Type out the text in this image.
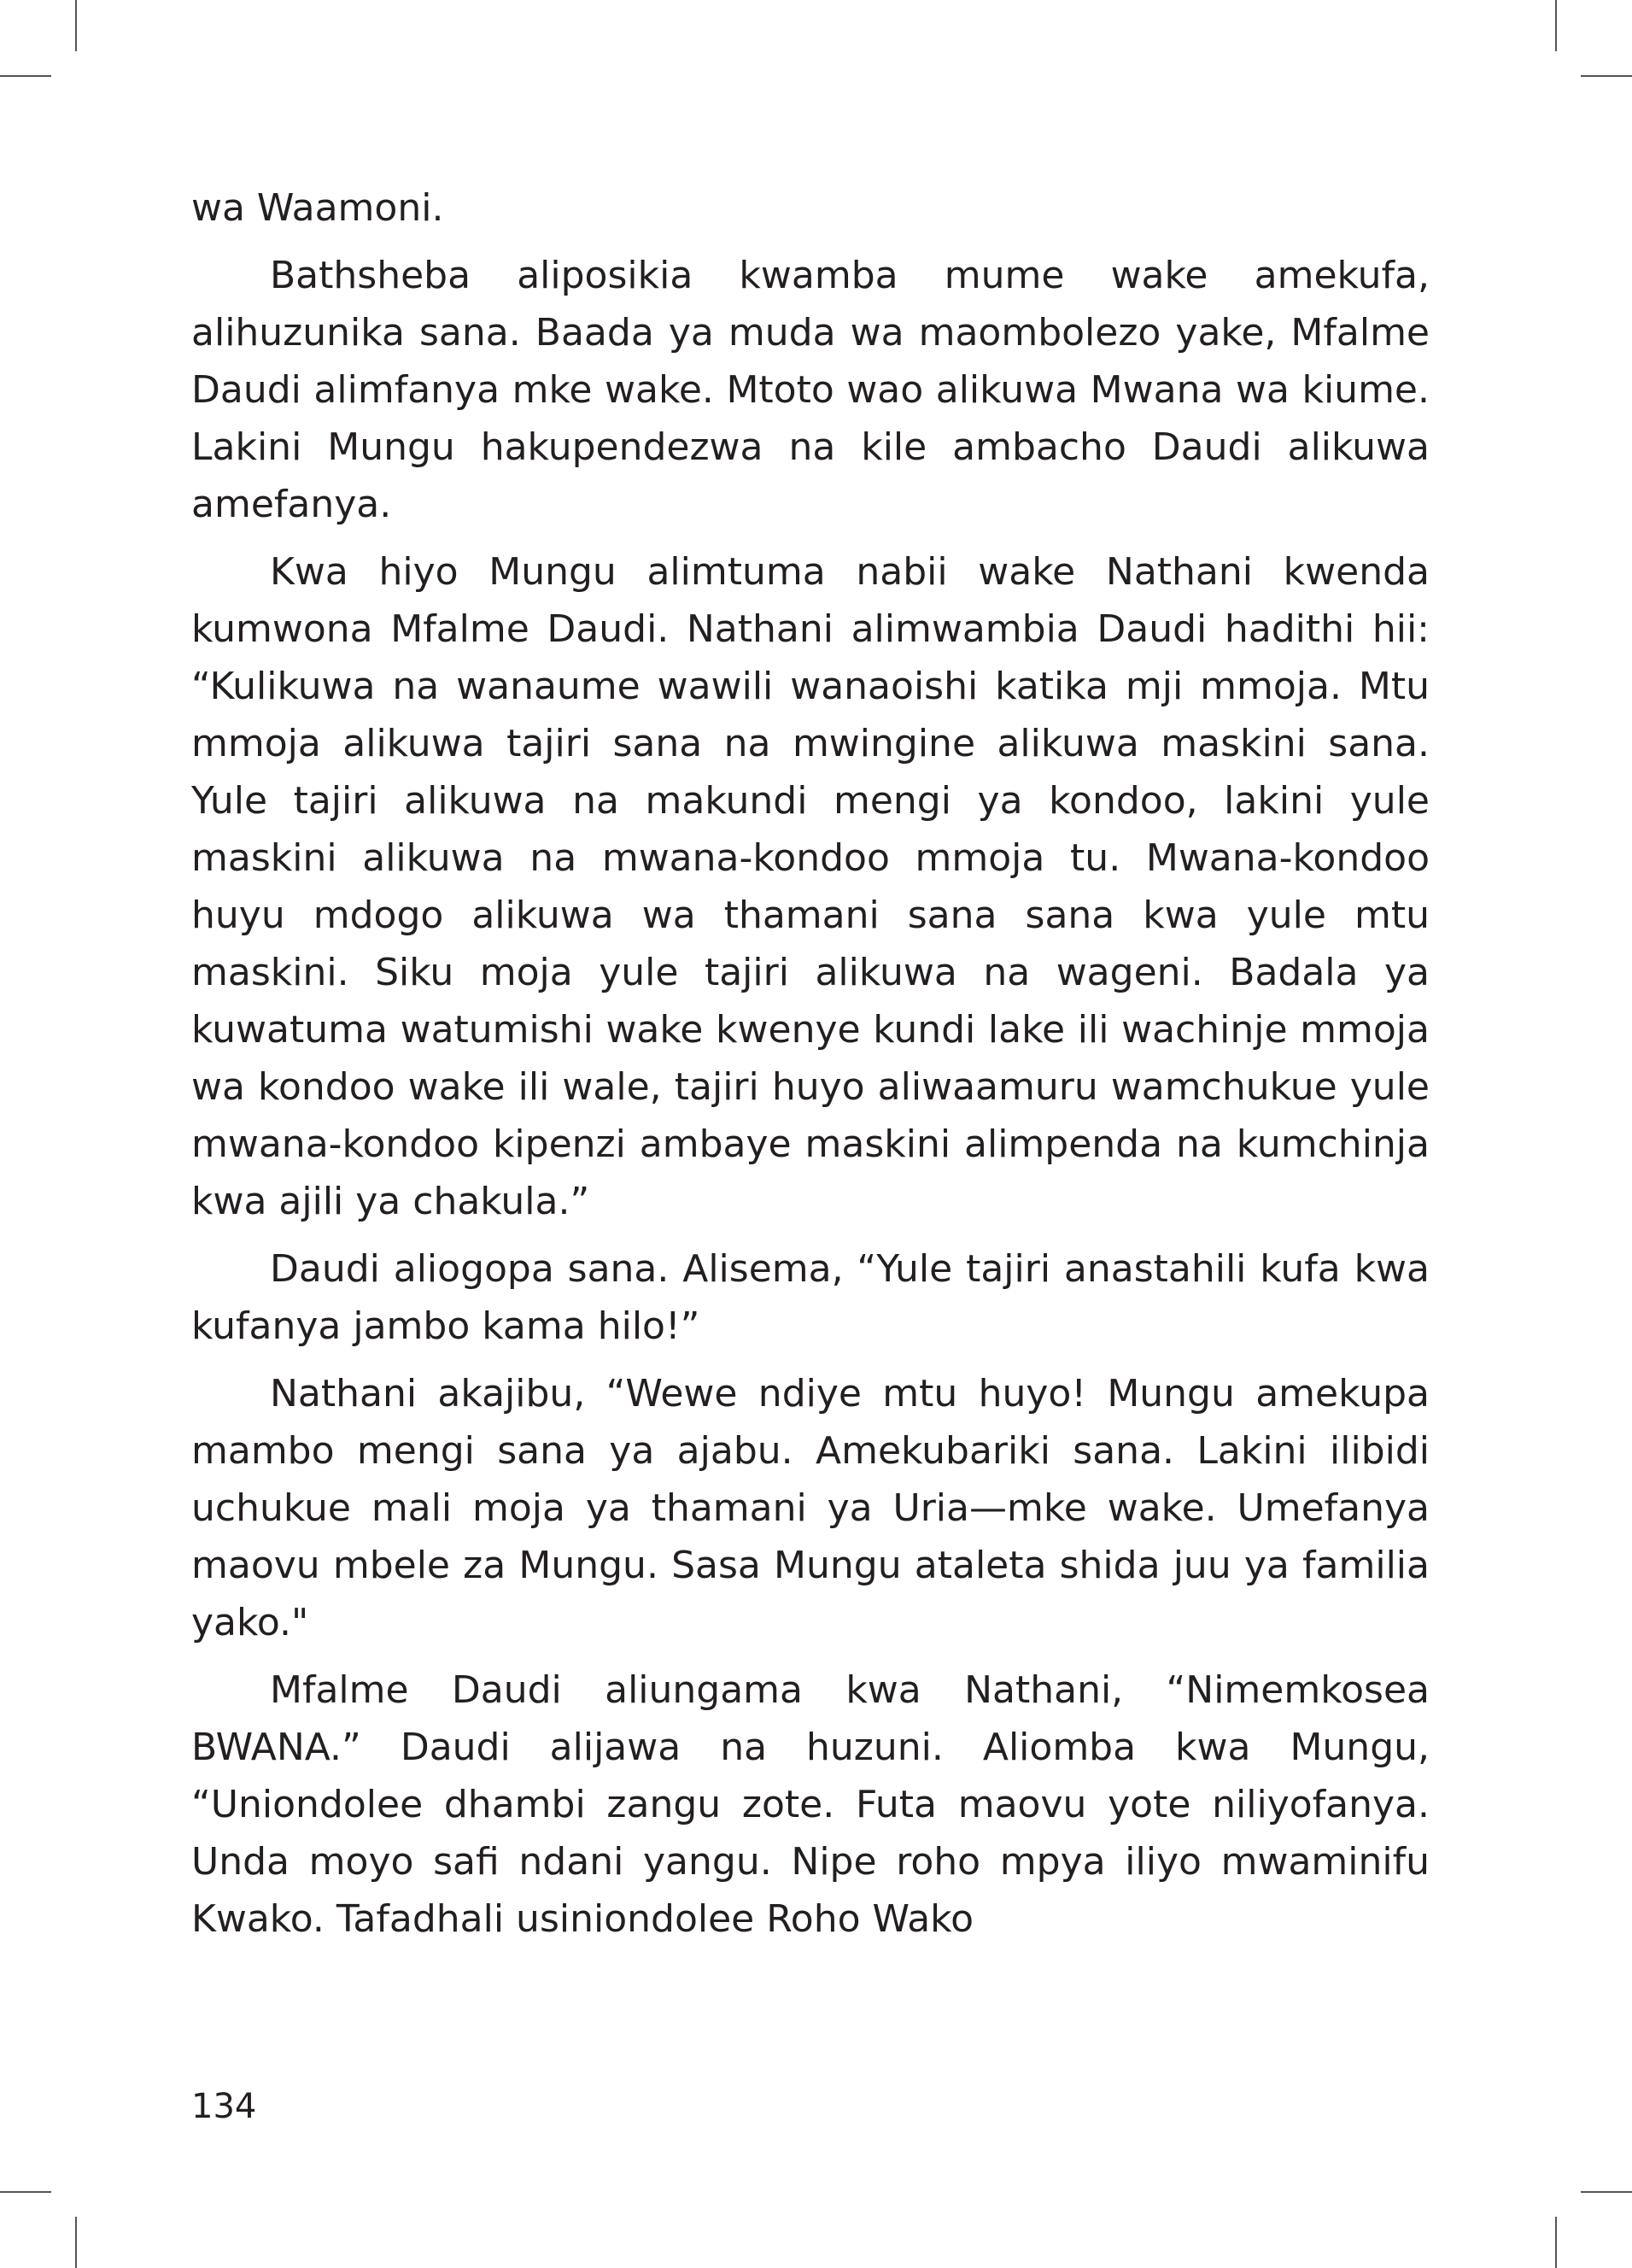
wa Waamoni.

Bathsheba aliposikia kwamba mume wake amekufa, alihuzunika sana. Baada ya muda wa maombolezo yake, Mfalme Daudi alimfanya mke wake. Mtoto wao alikuwa Mwana wa kiume. Lakini Mungu hakupendezwa na kile ambacho Daudi alikuwa amefanya.

Kwa hiyo Mungu alimtuma nabii wake Nathani kwenda kumwona Mfalme Daudi. Nathani alimwambia Daudi hadithi hii: “Kulikuwa na wanaume wawili wanaoishi katika mji mmoja. Mtu mmoja alikuwa tajiri sana na mwingine alikuwa maskini sana. Yule tajiri alikuwa na makundi mengi ya kondoo, lakini yule maskini alikuwa na mwana-kondoo mmoja tu. Mwana-kondoo huyu mdogo alikuwa wa thamani sana sana kwa yule mtu maskini. Siku moja yule tajiri alikuwa na wageni. Badala ya kuwatuma watumishi wake kwenye kundi lake ili wachinje mmoja wa kondoo wake ili wale, tajiri huyo aliwaamuru wamchukue yule mwana-kondoo kipenzi ambaye maskini alimpenda na kumchinja kwa ajili ya chakula.”

Daudi aliogopa sana. Alisema, “Yule tajiri anastahili kufa kwa kufanya jambo kama hilo!”

Nathani akajibu, “Wewe ndiye mtu huyo! Mungu amekupa mambo mengi sana ya ajabu. Amekubariki sana. Lakini ilibidi uchukue mali moja ya thamani ya Uria—mke wake. Umefanya maovu mbele za Mungu. Sasa Mungu ataleta shida juu ya familia yako."

Mfalme Daudi aliungama kwa Nathani, “Nimemkosea BWANA.” Daudi alijawa na huzuni. Aliomba kwa Mungu, “Uniondolee dhambi zangu zote. Futa maovu yote niliyofanya. Unda moyo safi ndani yangu. Nipe roho mpya iliyo mwaminifu Kwako. Tafadhali usiniondolee Roho Wako

134
